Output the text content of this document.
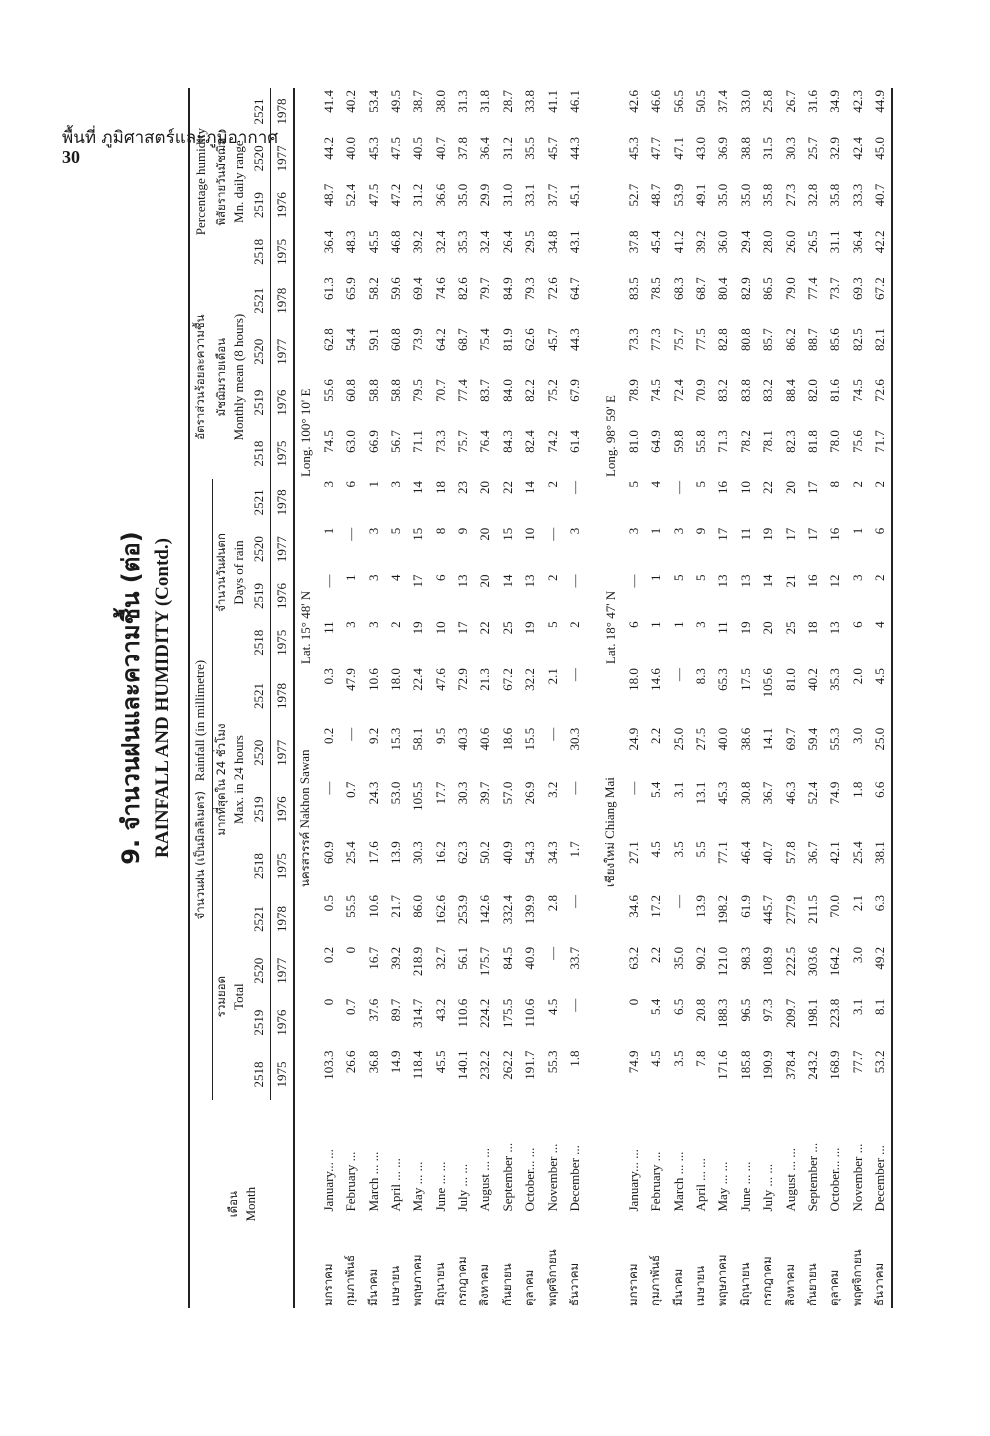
พื้นที่ ภูมิศาสตร์และภูมิอากาศ
30
9. จำนวนฝนและความชื้น (ต่อ) RAINFALL AND HUMIDITY (Contd.)
เดือน Month		จำนวนฝน (เป็นมิลลิเมตร)   Rainfall (in millimetre)												อัตราส่วนร้อยละความชื้น				Percentage humidity			
		รวมยอด Total				มากที่สุดใน 24 ชั่วโมง Max. in 24 hours				จำนวนวันฝนตก Days of rain				มัชฌิมรายเดือน Monthly mean (8 hours)				พิสัยรายวันมัชฌิม Mn. daily range			
		2518	2519	2520	2521	2518	2519	2520	2521	2518	2519	2520	2521	2518	2519	2520	2521	2518	2519	2520	2521
		1975	1976	1977	1978	1975	1976	1977	1978	1975	1976	1977	1978	1975	1976	1977	1978	1975	1976	1977	1978
						นครสวรรค์ Nakhon Sawan				Lat. 15° 48' N				Long. 100° 10' E							
มกราคม	January... ...	103.3	0	0.2	0.5	60.9	—	0.2	0.3	11	—	1	3	74.5	55.6	62.8	61.3	36.4	48.7	44.2	41.4
กุมภาพันธ์	February ...	26.6	0.7	0	55.5	25.4	0.7	—	47.9	3	1	—	6	63.0	60.8	54.4	65.9	48.3	52.4	40.0	40.2
มีนาคม	March ... ...	36.8	37.6	16.7	10.6	17.6	24.3	9.2	10.6	3	3	3	1	66.9	58.8	59.1	58.2	45.5	47.5	45.3	53.4
เมษายน	April ... ...	14.9	89.7	39.2	21.7	13.9	53.0	15.3	18.0	2	4	5	3	56.7	58.8	60.8	59.6	46.8	47.2	47.5	49.5
พฤษภาคม	May ... ...	118.4	314.7	218.9	86.0	30.3	105.5	58.1	22.4	19	17	15	14	71.1	79.5	73.9	69.4	39.2	31.2	40.5	38.7
มิถุนายน	June ... ...	45.5	43.2	32.7	162.6	16.2	17.7	9.5	47.6	10	6	8	18	73.3	70.7	64.2	74.6	32.4	36.6	40.7	38.0
กรกฎาคม	July ... ...	140.1	110.6	56.1	253.9	62.3	30.3	40.3	72.9	17	13	9	23	75.7	77.4	68.7	82.6	35.3	35.0	37.8	31.3
สิงหาคม	August ... ...	232.2	224.2	175.7	142.6	50.2	39.7	40.6	21.3	22	20	20	20	76.4	83.7	75.4	79.7	32.4	29.9	36.4	31.8
กันยายน	September ...	262.2	175.5	84.5	332.4	40.9	57.0	18.6	67.2	25	14	15	22	84.3	84.0	81.9	84.9	26.4	31.0	31.2	28.7
ตุลาคม	October... ...	191.7	110.6	40.9	139.9	54.3	26.9	15.5	32.2	19	13	10	14	82.4	82.2	62.6	79.3	29.5	33.1	35.5	33.8
พฤศจิกายน	November ...	55.3	4.5	—	2.8	34.3	3.2	—	2.1	5	2	—	2	74.2	75.2	45.7	72.6	34.8	37.7	45.7	41.1
ธันวาคม	December ...	1.8	—	33.7	—	1.7	—	30.3	—	2	—	3	—	61.4	67.9	44.3	64.7	43.1	45.1	44.3	46.1

						เชียงใหม่ Chiang Mai				Lat. 18° 47' N				Long. 98° 59' E							
มกราคม	January... ...	74.9	0	63.2	34.6	27.1	—	24.9	18.0	6	—	3	5	81.0	78.9	73.3	83.5	37.8	52.7	45.3	42.6
กุมภาพันธ์	February ...	4.5	5.4	2.2	17.2	4.5	5.4	2.2	14.6	1	1	1	4	64.9	74.5	77.3	78.5	45.4	48.7	47.7	46.6
มีนาคม	March ... ...	3.5	6.5	35.0	—	3.5	3.1	25.0	—	1	5	3	—	59.8	72.4	75.7	68.3	41.2	53.9	47.1	56.5
เมษายน	April ... ...	7.8	20.8	90.2	13.9	5.5	13.1	27.5	8.3	3	5	9	5	55.8	70.9	77.5	68.7	39.2	49.1	43.0	50.5
พฤษภาคม	May ... ...	171.6	188.3	121.0	198.2	77.1	45.3	40.0	65.3	11	13	17	16	71.3	83.2	82.8	80.4	36.0	35.0	36.9	37.4
มิถุนายน	June ... ...	185.8	96.5	98.3	61.9	46.4	30.8	38.6	17.5	19	13	11	10	78.2	83.8	80.8	82.9	29.4	35.0	38.8	33.0
กรกฎาคม	July ... ...	190.9	97.3	108.9	445.7	40.7	36.7	14.1	105.6	20	14	19	22	78.1	83.2	85.7	86.5	28.0	35.8	31.5	25.8
สิงหาคม	August ... ...	378.4	209.7	222.5	277.9	57.8	46.3	69.7	81.0	25	21	17	20	82.3	88.4	86.2	79.0	26.0	27.3	30.3	26.7
กันยายน	September ...	243.2	198.1	303.6	211.5	36.7	52.4	59.4	40.2	18	16	17	17	81.8	82.0	88.7	77.4	26.5	32.8	25.7	31.6
ตุลาคม	October... ...	168.9	223.8	164.2	70.0	42.1	74.9	55.3	35.3	13	12	16	8	78.0	81.6	85.6	73.7	31.1	35.8	32.9	34.9
พฤศจิกายน	November ...	77.7	3.1	3.0	2.1	25.4	1.8	3.0	2.0	6	3	1	2	75.6	74.5	82.5	69.3	36.4	33.3	42.4	42.3
ธันวาคม	December ...	53.2	8.1	49.2	6.3	38.1	6.6	25.0	4.5	4	2	6	2	71.7	72.6	82.1	67.2	42.2	40.7	45.0	44.9
